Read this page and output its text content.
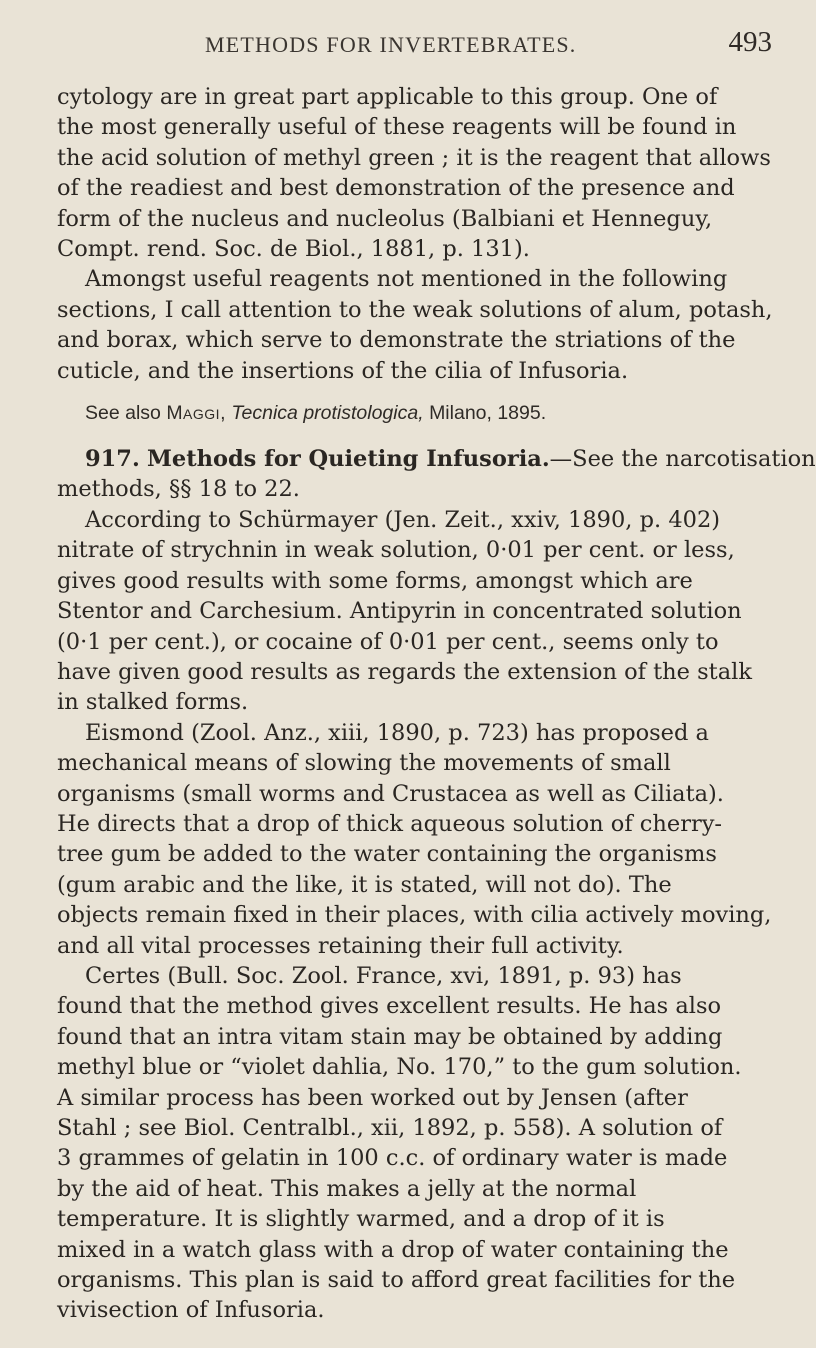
METHODS FOR INVERTEBRATES.	493

cytology are in great part applicable to this group. One of
the most generally useful of these reagents will be found in
the acid solution of methyl green ; it is the reagent that allows
of the readiest and best demonstration of the presence and
form of the nucleus and nucleolus (Balbiani et Henneguy,
Compt. rend. Soc. de Biol., 1881, p. 131).

Amongst useful reagents not mentioned in the following
sections, I call attention to the weak solutions of alum, potash,
and borax, which serve to demonstrate the striations of the
cuticle, and the insertions of the cilia of Infusoria.

See also Maggi, Tecnica protistologica, Milano, 1895.

917. Methods for Quieting Infusoria.—See the narcotisation
methods, §§ 18 to 22.

According to Schürmayer (Jen. Zeit., xxiv, 1890, p. 402)
nitrate of strychnin in weak solution, 0·01 per cent. or less,
gives good results with some forms, amongst which are
Stentor and Carchesium. Antipyrin in concentrated solution
(0·1 per cent.), or cocaine of 0·01 per cent., seems only to
have given good results as regards the extension of the stalk
in stalked forms.

Eismond (Zool. Anz., xiii, 1890, p. 723) has proposed a
mechanical means of slowing the movements of small
organisms (small worms and Crustacea as well as Ciliata).
He directs that a drop of thick aqueous solution of cherry-
tree gum be added to the water containing the organisms
(gum arabic and the like, it is stated, will not do). The
objects remain fixed in their places, with cilia actively moving,
and all vital processes retaining their full activity.

Certes (Bull. Soc. Zool. France, xvi, 1891, p. 93) has
found that the method gives excellent results. He has also
found that an intra vitam stain may be obtained by adding
methyl blue or “violet dahlia, No. 170,” to the gum solution.
A similar process has been worked out by Jensen (after
Stahl ; see Biol. Centralbl., xii, 1892, p. 558). A solution of
3 grammes of gelatin in 100 c.c. of ordinary water is made
by the aid of heat. This makes a jelly at the normal
temperature. It is slightly warmed, and a drop of it is
mixed in a watch glass with a drop of water containing the
organisms. This plan is said to afford great facilities for the
vivisection of Infusoria.
